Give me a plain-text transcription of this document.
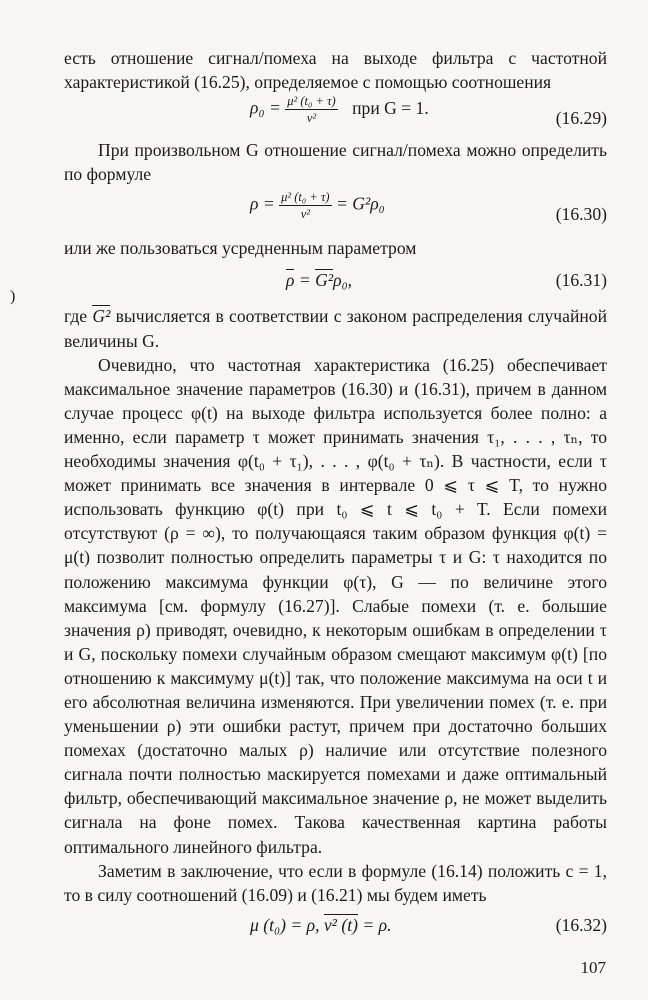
есть отношение сигнал/помеха на выходе фильтра с частотной характеристикой (16.25), определяемое с помощью соотношения

$\rho_0 = \frac{\text{μ² (t₀ + τ)}}{\text{ν²}}$ при G = 1.
(16.29)

При произвольном G отношение сигнал/помеха можно определить по формуле

$\rho = \frac{\text{μ² (t₀ + τ)}}{\text{ν²}} = G^2\rho_0$
(16.30)

или же пользоваться усредненным параметром

ρ = G²ρ₀,	(16.31)

где G² вычисляется в соответствии с законом распределения случайной величины G.

Очевидно, что частотная характеристика (16.25) обеспечивает максимальное значение параметров (16.30) и (16.31), причем в данном случае процесс φ(t) на выходе фильтра используется более полно: а именно, если параметр τ может принимать значения τ₁, . . . , τₙ, то необходимы значения φ(t₀ + τ₁), . . . , φ(t₀ + τₙ). В частности, если τ может принимать все значения в интервале 0 ⩽ τ ⩽ T, то нужно использовать функцию φ(t) при t₀ ⩽ t ⩽ t₀ + T. Если помехи отсутствуют (ρ = ∞), то получающаяся таким образом функция φ(t) = μ(t) позволит полностью определить параметры τ и G: τ находится по положению максимума функции φ(τ), G — по величине этого максимума [см. формулу (16.27)]. Слабые помехи (т. е. большие значения ρ) приводят, очевидно, к некоторым ошибкам в определении τ и G, поскольку помехи случайным образом смещают максимум φ(t) [по отношению к максимуму μ(t)] так, что положение максимума на оси t и его абсолютная величина изменяются. При увеличении помех (т. е. при уменьшении ρ) эти ошибки растут, причем при достаточно больших помехах (достаточно малых ρ) наличие или отсутствие полезного сигнала почти полностью маскируется помехами и даже оптимальный фильтр, обеспечивающий максимальное значение ρ, не может выделить сигнала на фоне помех. Такова качественная картина работы оптимального линейного фильтра.

Заметим в заключение, что если в формуле (16.14) положить c = 1, то в силу соотношений (16.09) и (16.21) мы будем иметь

μ (t₀) = ρ, ν² (t) = ρ.	(16.32)
)
107
